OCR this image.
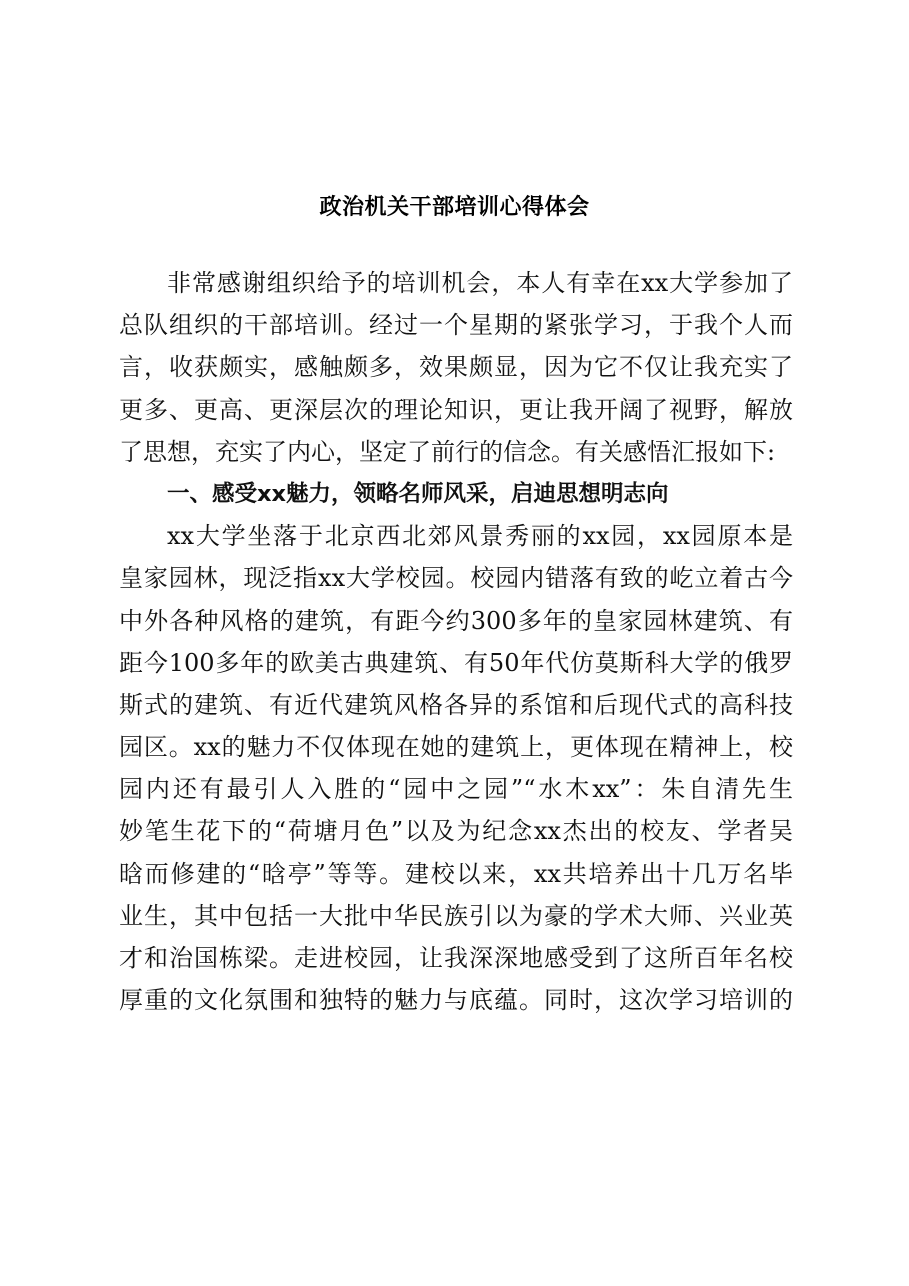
政治机关干部培训心得体会
非常感谢组织给予的培训机会，本人有幸在xx大学参加了
总队组织的干部培训。经过一个星期的紧张学习，于我个人而
言，收获颇实，感触颇多，效果颇显，因为它不仅让我充实了
更多、更高、更深层次的理论知识，更让我开阔了视野，解放
了思想，充实了内心，坚定了前行的信念。有关感悟汇报如下:
一、感受xx魅力，领略名师风采，启迪思想明志向
xx大学坐落于北京西北郊风景秀丽的xx园，xx园原本是
皇家园林，现泛指xx大学校园。校园内错落有致的屹立着古今
中外各种风格的建筑，有距今约300多年的皇家园林建筑、有
距今100多年的欧美古典建筑、有50年代仿莫斯科大学的俄罗
斯式的建筑、有近代建筑风格各异的系馆和后现代式的高科技
园区。xx的魅力不仅体现在她的建筑上，更体现在精神上，校
园内还有最引人入胜的“园中之园”“水木xx”：朱自清先生
妙笔生花下的“荷塘月色”以及为纪念xx杰出的校友、学者吴
晗而修建的“晗亭”等等。建校以来，xx共培养出十几万名毕
业生，其中包括一大批中华民族引以为豪的学术大师、兴业英
才和治国栋梁。走进校园，让我深深地感受到了这所百年名校
厚重的文化氛围和独特的魅力与底蕴。同时，这次学习培训的
